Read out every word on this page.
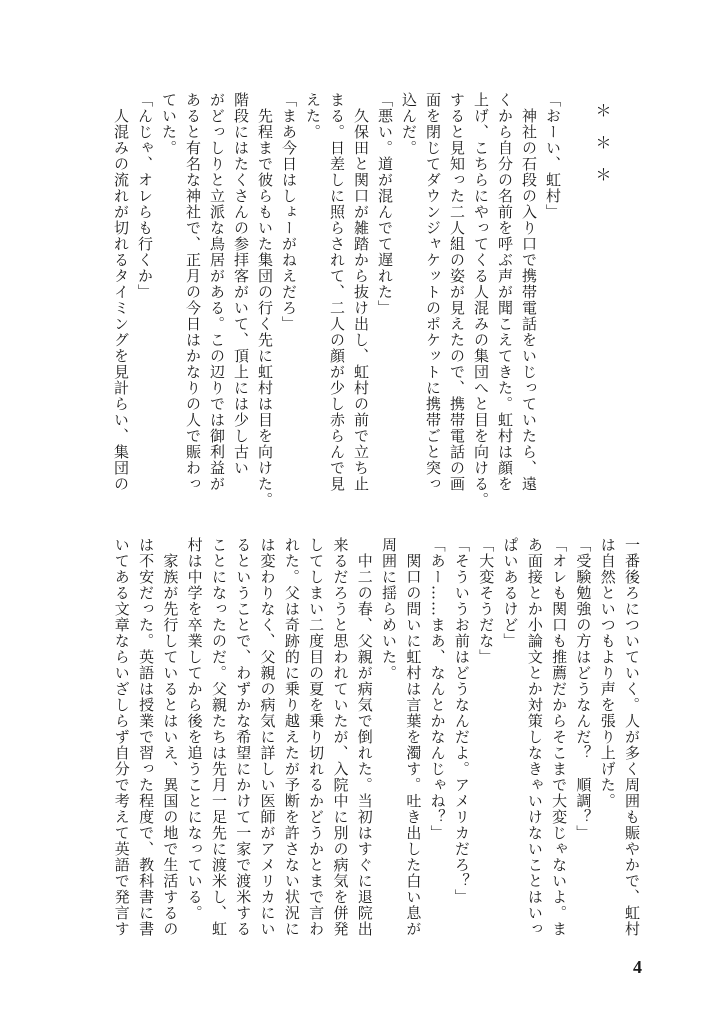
＊＊＊
「おーい、虹村」
　神社の石段の入り口で携帯電話をいじっていたら、遠
くから自分の名前を呼ぶ声が聞こえてきた。虹村は顔を
上げ、こちらにやってくる人混みの集団へと目を向ける。
すると見知った二人組の姿が見えたので、携帯電話の画
面を閉じてダウンジャケットのポケットに携帯ごと突っ
込んだ。
「悪い。道が混んでて遅れた」
　久保田と関口が雑踏から抜け出し、虹村の前で立ち止
まる。日差しに照らされて、二人の顔が少し赤らんで見
えた。
「まあ今日はしょーがねえだろ」
　先程まで彼らもいた集団の行く先に虹村は目を向けた。
階段にはたくさんの参拝客がいて、頂上には少し古い
がどっしりと立派な鳥居がある。この辺りでは御利益が
あると有名な神社で、正月の今日はかなりの人で賑わっ
ていた。
「んじゃ、オレらも行くか」
　人混みの流れが切れるタイミングを見計らい、集団の
一番後ろについていく。人が多く周囲も賑やかで、虹村
は自然といつもより声を張り上げた。
「受験勉強の方はどうなんだ？　順調？」
「オレも関口も推薦だからそこまで大変じゃないよ。ま
あ面接とか小論文とか対策しなきゃいけないことはいっ
ぱいあるけど」
「大変そうだな」
「そういうお前はどうなんだよ。アメリカだろ？」
「あー……まあ、なんとかなんじゃね？」
　関口の問いに虹村は言葉を濁す。吐き出した白い息が
周囲に揺らめいた。
　中二の春、父親が病気で倒れた。当初はすぐに退院出
来るだろうと思われていたが、入院中に別の病気を併発
してしまい二度目の夏を乗り切れるかどうかとまで言わ
れた。父は奇跡的に乗り越えたが予断を許さない状況に
は変わりなく、父親の病気に詳しい医師がアメリカにい
るということで、わずかな希望にかけて一家で渡米する
ことになったのだ。父親たちは先月一足先に渡米し、虹
村は中学を卒業してから後を追うことになっている。
　家族が先行しているとはいえ、異国の地で生活するの
は不安だった。英語は授業で習った程度で、教科書に書
いてある文章ならいざしらず自分で考えて英語で発言す
4
